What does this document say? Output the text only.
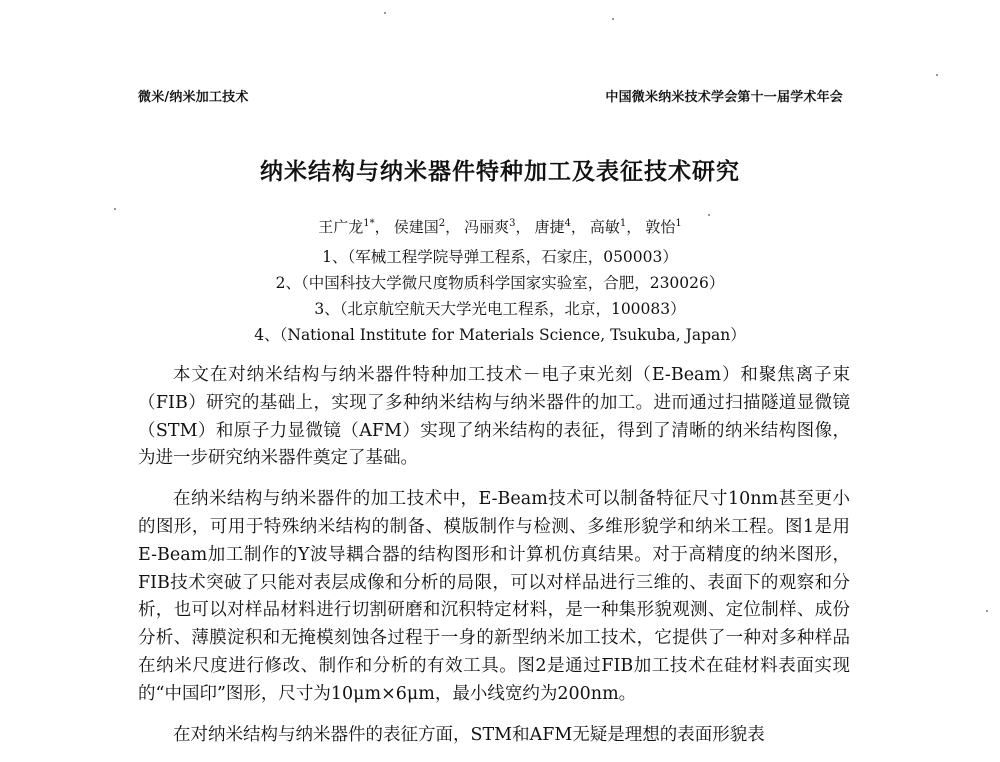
微米/纳米加工技术	中国微米纳米技术学会第十一届学术年会
纳米结构与纳米器件特种加工及表征技术研究
王广龙$^{1*}$， 侯建国$^2$， 冯丽爽$^3$， 唐捷$^4$， 高敏$^1$， 敦怡$^1$
1、（军械工程学院导弹工程系，石家庄，050003）
2、（中国科技大学微尺度物质科学国家实验室，合肥，230026）
3、（北京航空航天大学光电工程系，北京，100083）
4、（National Institute for Materials Science, Tsukuba, Japan）

本文在对纳米结构与纳米器件特种加工技术－电子束光刻（E-Beam）和聚焦离子束（FIB）研究的基础上，实现了多种纳米结构与纳米器件的加工。进而通过扫描隧道显微镜（STM）和原子力显微镜（AFM）实现了纳米结构的表征，得到了清晰的纳米结构图像，为进一步研究纳米器件奠定了基础。

在纳米结构与纳米器件的加工技术中，E-Beam技术可以制备特征尺寸10nm甚至更小的图形，可用于特殊纳米结构的制备、模版制作与检测、多维形貌学和纳米工程。图1是用E-Beam加工制作的Y波导耦合器的结构图形和计算机仿真结果。对于高精度的纳米图形，FIB技术突破了只能对表层成像和分析的局限，可以对样品进行三维的、表面下的观察和分析，也可以对样品材料进行切割研磨和沉积特定材料，是一种集形貌观测、定位制样、成份分析、薄膜淀积和无掩模刻蚀各过程于一身的新型纳米加工技术，它提供了一种对多种样品在纳米尺度进行修改、制作和分析的有效工具。图2是通过FIB加工技术在硅材料表面实现的“中国印”图形，尺寸为10μm×6μm，最小线宽约为200nm。

在对纳米结构与纳米器件的表征方面，STM和AFM无疑是理想的表面形貌表
